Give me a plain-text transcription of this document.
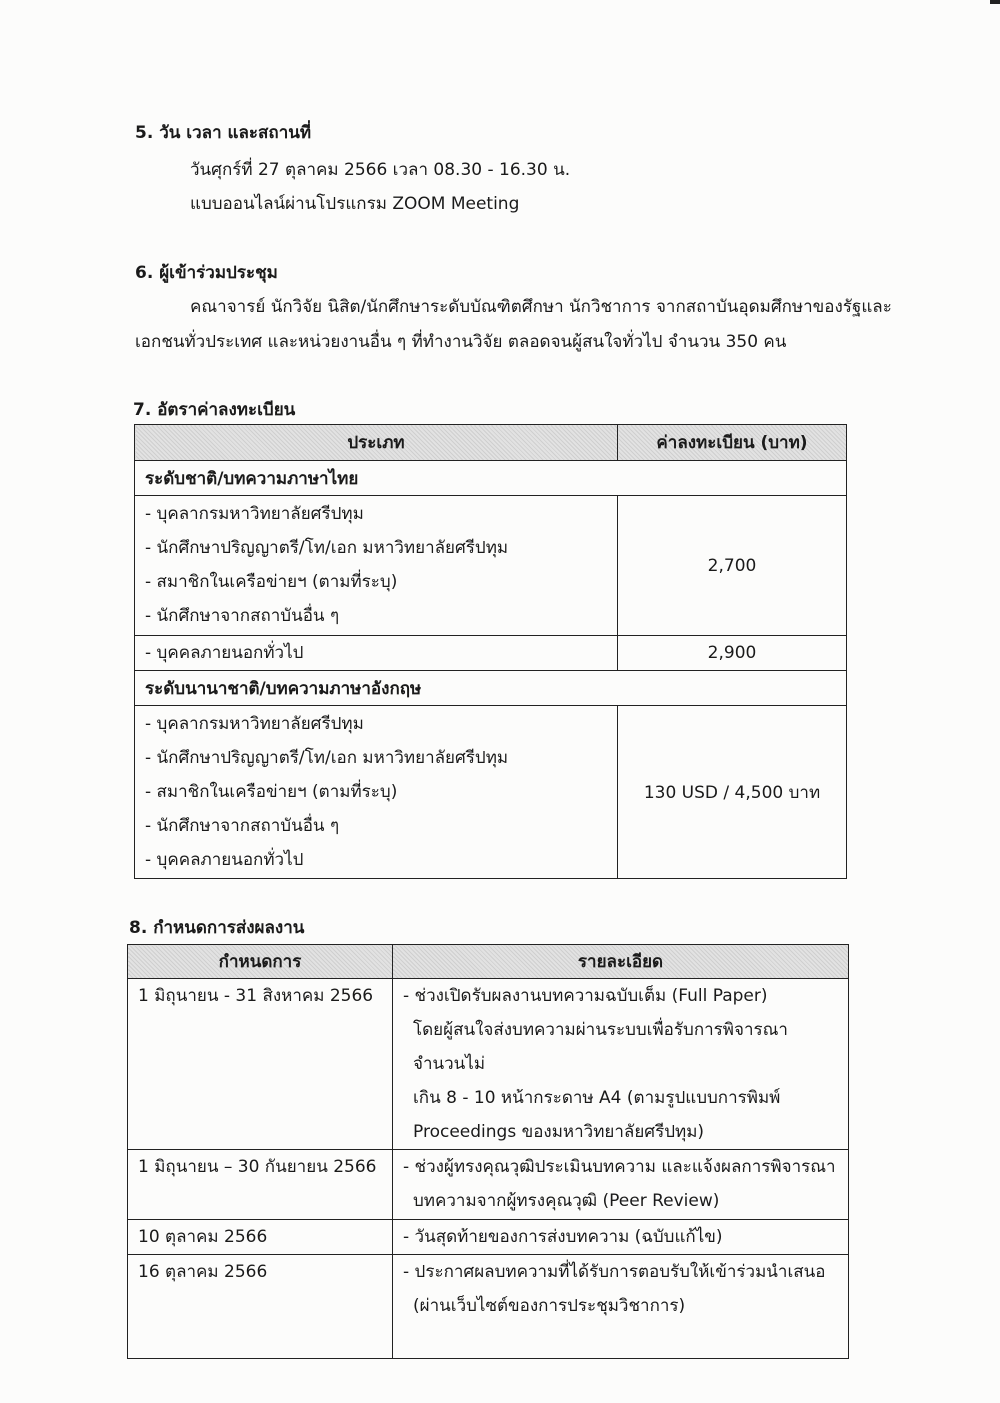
5. วัน เวลา และสถานที่
วันศุกร์ที่ 27 ตุลาคม 2566 เวลา 08.30 - 16.30 น.
แบบออนไลน์ผ่านโปรแกรม ZOOM Meeting
6. ผู้เข้าร่วมประชุม
คณาจารย์ นักวิจัย นิสิต/นักศึกษาระดับบัณฑิตศึกษา นักวิชาการ จากสถาบันอุดมศึกษาของรัฐและ
เอกชนทั่วประเทศ และหน่วยงานอื่น ๆ ที่ทำงานวิจัย ตลอดจนผู้สนใจทั่วไป จำนวน 350 คน
7. อัตราค่าลงทะเบียน
ประเภท	ค่าลงทะเบียน (บาท)
ระดับชาติ/บทความภาษาไทย	

- บุคลากรมหาวิทยาลัยศรีปทุม
- นักศึกษาปริญญาตรี/โท/เอก มหาวิทยาลัยศรีปทุม
- สมาชิกในเครือข่ายฯ (ตามที่ระบุ)
- นักศึกษาจากสถาบันอื่น ๆ	2,700

- บุคคลภายนอกทั่วไป	2,900
ระดับนานาชาติ/บทความภาษาอังกฤษ	

- บุคลากรมหาวิทยาลัยศรีปทุม
- นักศึกษาปริญญาตรี/โท/เอก มหาวิทยาลัยศรีปทุม
- สมาชิกในเครือข่ายฯ (ตามที่ระบุ)
- นักศึกษาจากสถาบันอื่น ๆ
- บุคคลภายนอกทั่วไป	130 USD / 4,500 บาท
8. กำหนดการส่งผลงาน
กำหนดการ	รายละเอียด
1 มิถุนายน - 31 สิงหาคม 2566	- ช่วงเปิดรับผลงานบทความฉบับเต็ม (Full Paper)
โดยผู้สนใจส่งบทความผ่านระบบเพื่อรับการพิจารณา จำนวนไม่
เกิน 8 - 10 หน้ากระดาษ A4 (ตามรูปแบบการพิมพ์
Proceedings ของมหาวิทยาลัยศรีปทุม)

1 มิถุนายน – 30 กันยายน 2566	- ช่วงผู้ทรงคุณวุฒิประเมินบทความ และแจ้งผลการพิจารณา
บทความจากผู้ทรงคุณวุฒิ (Peer Review)

10 ตุลาคม 2566	- วันสุดท้ายของการส่งบทความ (ฉบับแก้ไข)

16 ตุลาคม 2566	- ประกาศผลบทความที่ได้รับการตอบรับให้เข้าร่วมนำเสนอ
(ผ่านเว็บไซต์ของการประชุมวิชาการ)
